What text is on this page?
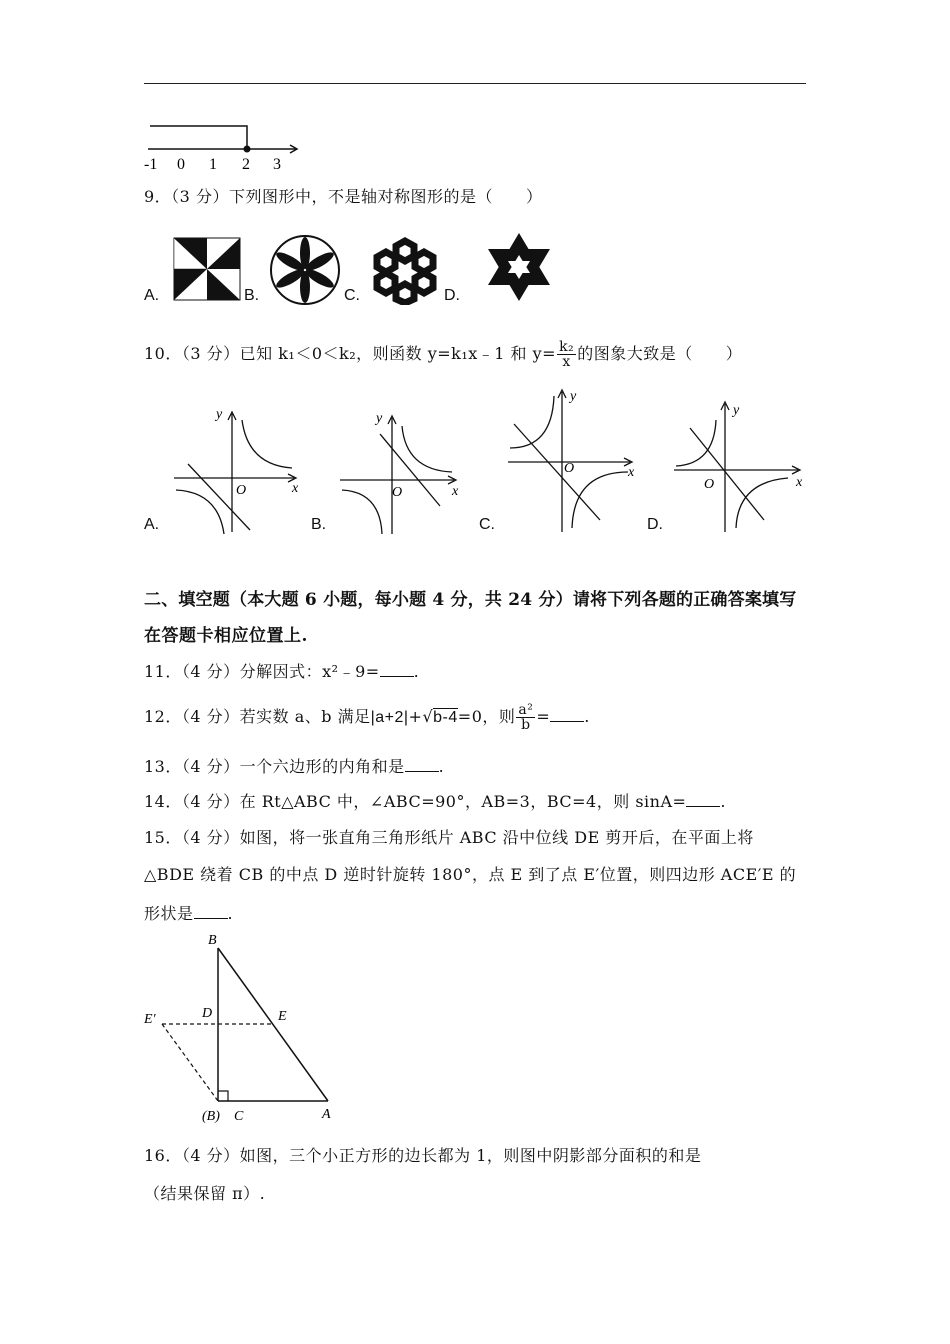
-1 0 1 2 3
9．（3 分）下列图形中，不是轴对称图形的是（　　）
A.	B.	C.	D.
10．（3 分）已知 k₁＜0＜k₂，则函数 y=k₁x﹣1 和 $y= \frac{\text{k₂}}{x}$ 的图象大致是（　　）
A.
x
y
O
B.
x
y
O
C.
x
y
O
D.
x
y
O
二、填空题（本大题 6 小题，每小题 4 分，共 24 分）请将下列各题的正确答案填写
在答题卡相应位置上.
11．（4 分）分解因式：x²﹣9= .
12．（4 分）若实数 a、b 满足|a+2|+√b-4=0，则 $\frac{\text{a²}}{b}$ = .
13．（4 分）一个六边形的内角和是 .
14．（4 分）在 Rt△ABC 中，∠ABC=90°，AB=3，BC=4，则 sinA= .
15．（4 分）如图，将一张直角三角形纸片 ABC 沿中位线 DE 剪开后，在平面上将
△BDE 绕着 CB 的中点 D 逆时针旋转 180°，点 E 到了点 E′位置，则四边形 ACE′E 的
形状是 .
B
D	E
E′
(B) C	A
16．（4 分）如图，三个小正方形的边长都为 1，则图中阴影部分面积的和是
（结果保留 π）.
